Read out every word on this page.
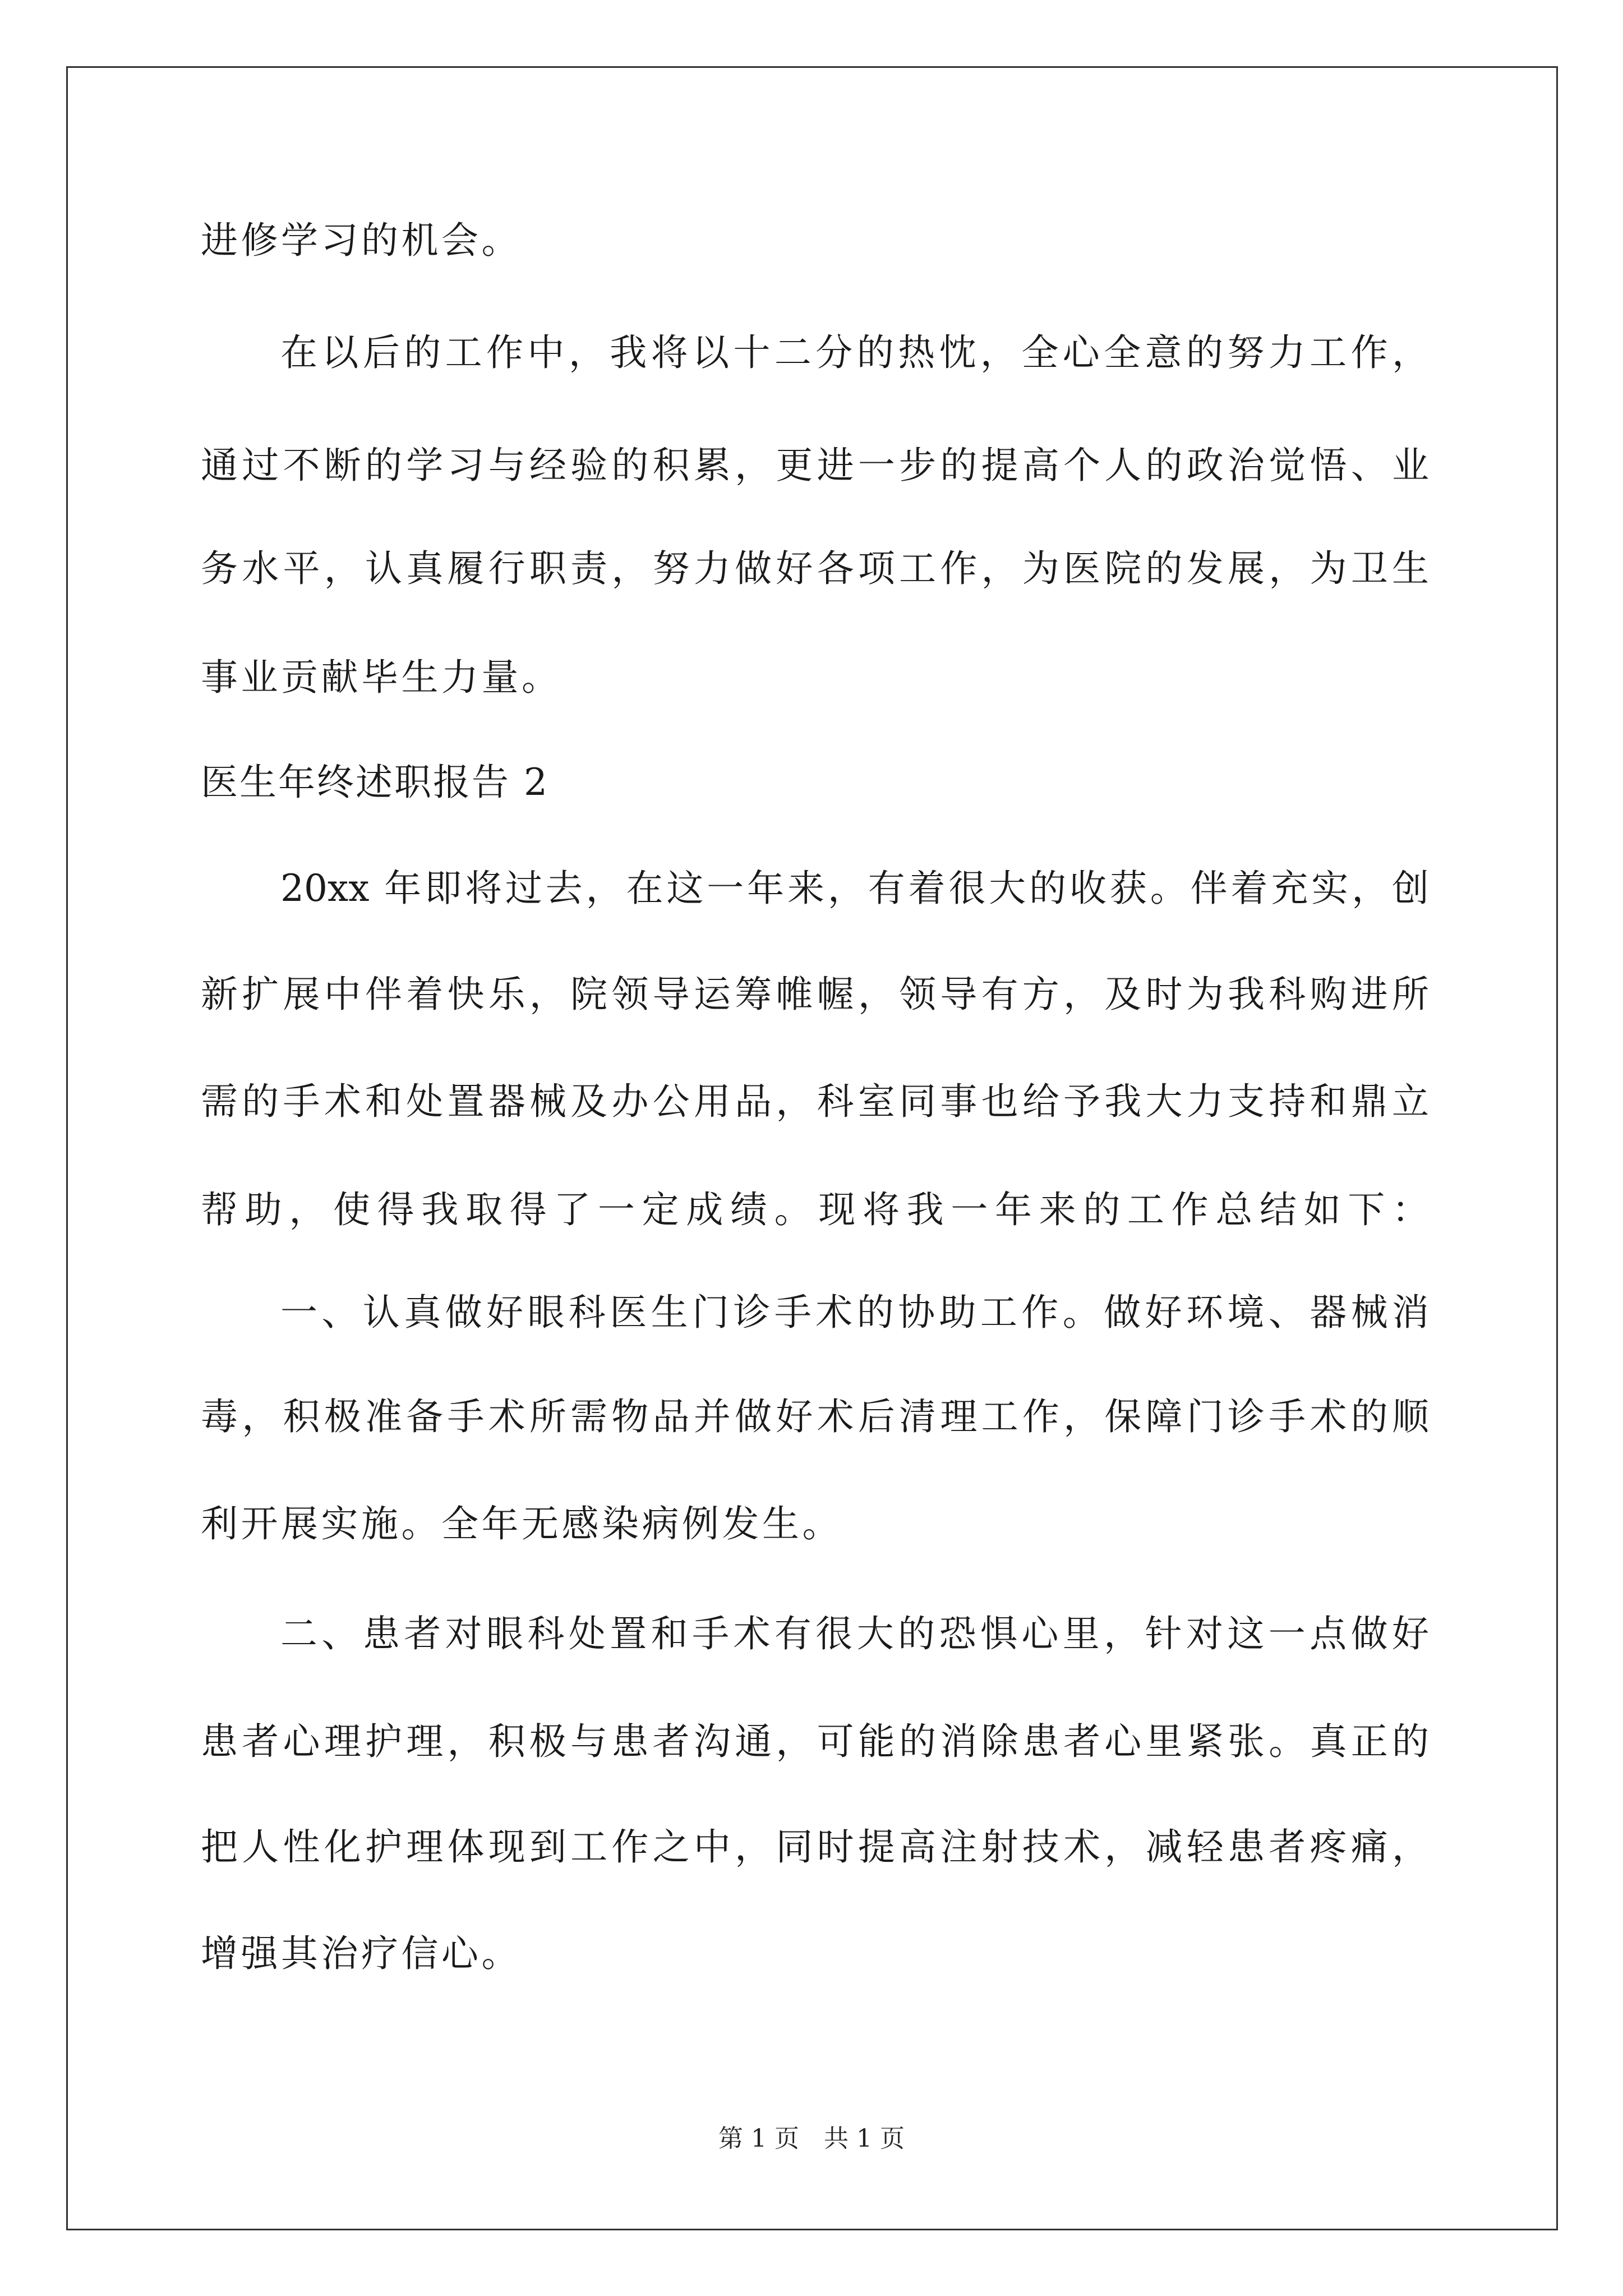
进修学习的机会。
在以后的工作中，我将以十二分的热忱，全心全意的努力工作，
通过不断的学习与经验的积累，更进一步的提高个人的政治觉悟、业
务水平，认真履行职责，努力做好各项工作，为医院的发展，为卫生
事业贡献毕生力量。
医生年终述职报告 2
20xx 年即将过去，在这一年来，有着很大的收获。伴着充实，创
新扩展中伴着快乐，院领导运筹帷幄，领导有方，及时为我科购进所
需的手术和处置器械及办公用品，科室同事也给予我大力支持和鼎立
帮助，使得我取得了一定成绩。现将我一年来的工作总结如下：
一、认真做好眼科医生门诊手术的协助工作。做好环境、器械消
毒，积极准备手术所需物品并做好术后清理工作，保障门诊手术的顺
利开展实施。全年无感染病例发生。
二、患者对眼科处置和手术有很大的恐惧心里，针对这一点做好
患者心理护理，积极与患者沟通，可能的消除患者心里紧张。真正的
把人性化护理体现到工作之中，同时提高注射技术，减轻患者疼痛，
增强其治疗信心。
第 1 页　共 1 页
